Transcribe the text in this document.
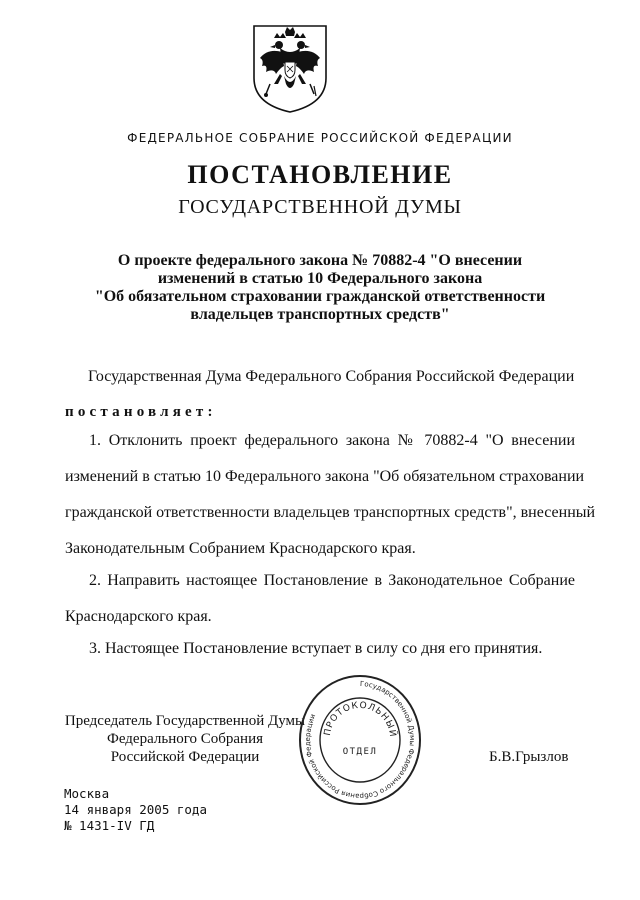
ФЕДЕРАЛЬНОЕ СОБРАНИЕ РОССИЙСКОЙ ФЕДЕРАЦИИ
ПОСТАНОВЛЕНИЕ
ГОСУДАРСТВЕННОЙ ДУМЫ
О проекте федерального закона № 70882-4 "О внесении
изменений в статью 10 Федерального закона
"Об обязательном страховании гражданской ответственности
владельцев транспортных средств"
Государственная Дума Федерального Собрания Российской Федерации
постановляет:
1. Отклонить проект федерального закона № 70882-4 "О внесении
изменений в статью 10 Федерального закона "Об обязательном страховании
гражданской ответственности владельцев транспортных средств", внесенный
Законодательным Собранием Краснодарского края.
2. Направить настоящее Постановление в Законодательное Собрание
Краснодарского края.
3. Настоящее Постановление вступает в силу со дня его принятия.
Председатель Государственной Думы
Федерального Собрания
Российской Федерации
Государственной Думы Федерального Собрания Российской Федерации
ПРОТОКОЛЬНЫЙ
ОТДЕЛ	Б.В.Грызлов
Москва
14 января 2005 года
№ 1431-IV ГД
